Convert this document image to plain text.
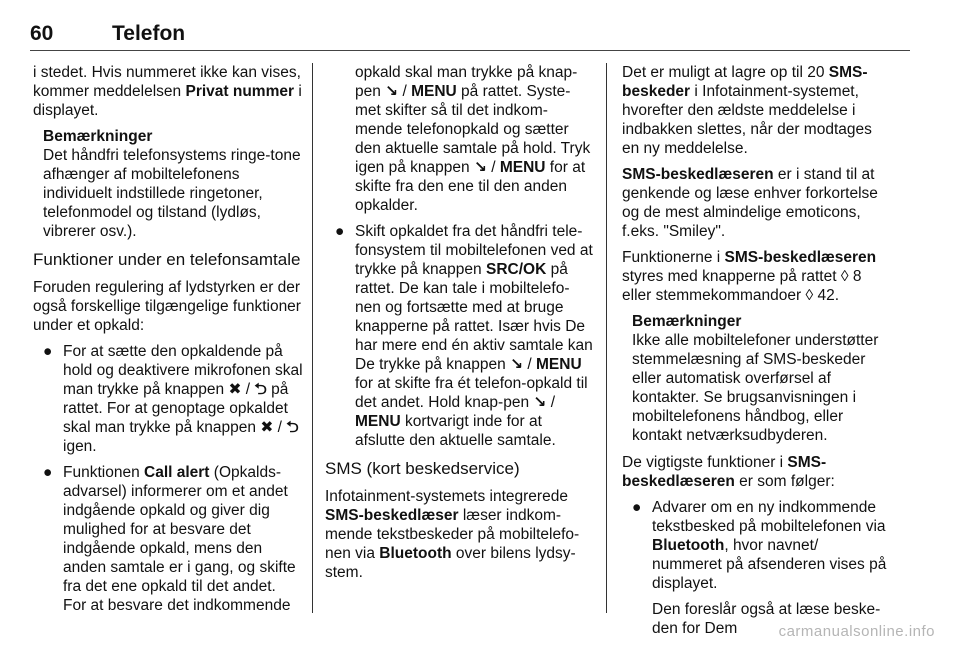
60	Telefon

i stedet. Hvis nummeret ikke kan vises, kommer meddelelsen Privat nummer i displayet.

Bemærkninger
Det håndfri telefonsystems ringe-tone afhænger af mobiltelefonens individuelt indstillede ringetoner, telefonmodel og tilstand (lydløs, vibrerer osv.).
Funktioner under en telefonsamtale

Foruden regulering af lydstyrken er der også forskellige tilgængelige funktioner under et opkald:

● For at sætte den opkaldende på hold og deaktivere mikrofonen skal man trykke på knappen ✖ / ⮌ på rattet. For at genoptage opkaldet skal man trykke på knappen ✖ / ⮌ igen.
● Funktionen Call alert (Opkalds-advarsel) informerer om et andet indgående opkald og giver dig mulighed for at besvare det indgående opkald, mens den anden samtale er i gang, og skifte fra det ene opkald til det andet. For at besvare det indkommende
opkald skal man trykke på knap-pen ↘ / MENU på rattet. Syste-met skifter så til det indkom-mende telefonopkald og sætter den aktuelle samtale på hold. Tryk igen på knappen ↘ / MENU for at skifte fra den ene til den anden opkalder.
● Skift opkaldet fra det håndfri tele-fonsystem til mobiltelefonen ved at trykke på knappen SRC/OK på rattet. De kan tale i mobiltelefo-nen og fortsætte med at bruge knapperne på rattet. Især hvis De har mere end én aktiv samtale kan De trykke på knappen ↘ / MENU for at skifte fra ét telefon-opkald til det andet. Hold knap-pen ↘ / MENU kortvarigt inde for at afslutte den aktuelle samtale.
SMS (kort beskedservice)

Infotainment-systemets integrerede SMS-beskedlæser læser indkom-mende tekstbeskeder på mobiltelefo-nen via Bluetooth over bilens lydsy-stem.

Det er muligt at lagre op til 20 SMS-beskeder i Infotainment-systemet, hvorefter den ældste meddelelse i indbakken slettes, når der modtages en ny meddelelse.

SMS-beskedlæseren er i stand til at genkende og læse enhver forkortelse og de mest almindelige emoticons, f.eks. "Smiley".

Funktionerne i SMS-beskedlæseren styres med knapperne på rattet ◊ 8 eller stemmekommandoer ◊ 42.

Bemærkninger
Ikke alle mobiltelefoner understøtter stemmelæsning af SMS-beskeder eller automatisk overførsel af kontakter. Se brugsanvisningen i mobiltelefonens håndbog, eller kontakt netværksudbyderen.

De vigtigste funktioner i SMS-beskedlæseren er som følger:

● Advarer om en ny indkommende tekstbesked på mobiltelefonen via Bluetooth, hvor navnet/ nummeret på afsenderen vises på displayet.
Den foreslår også at læse beske-den for Dem	carmanualsonline.info
